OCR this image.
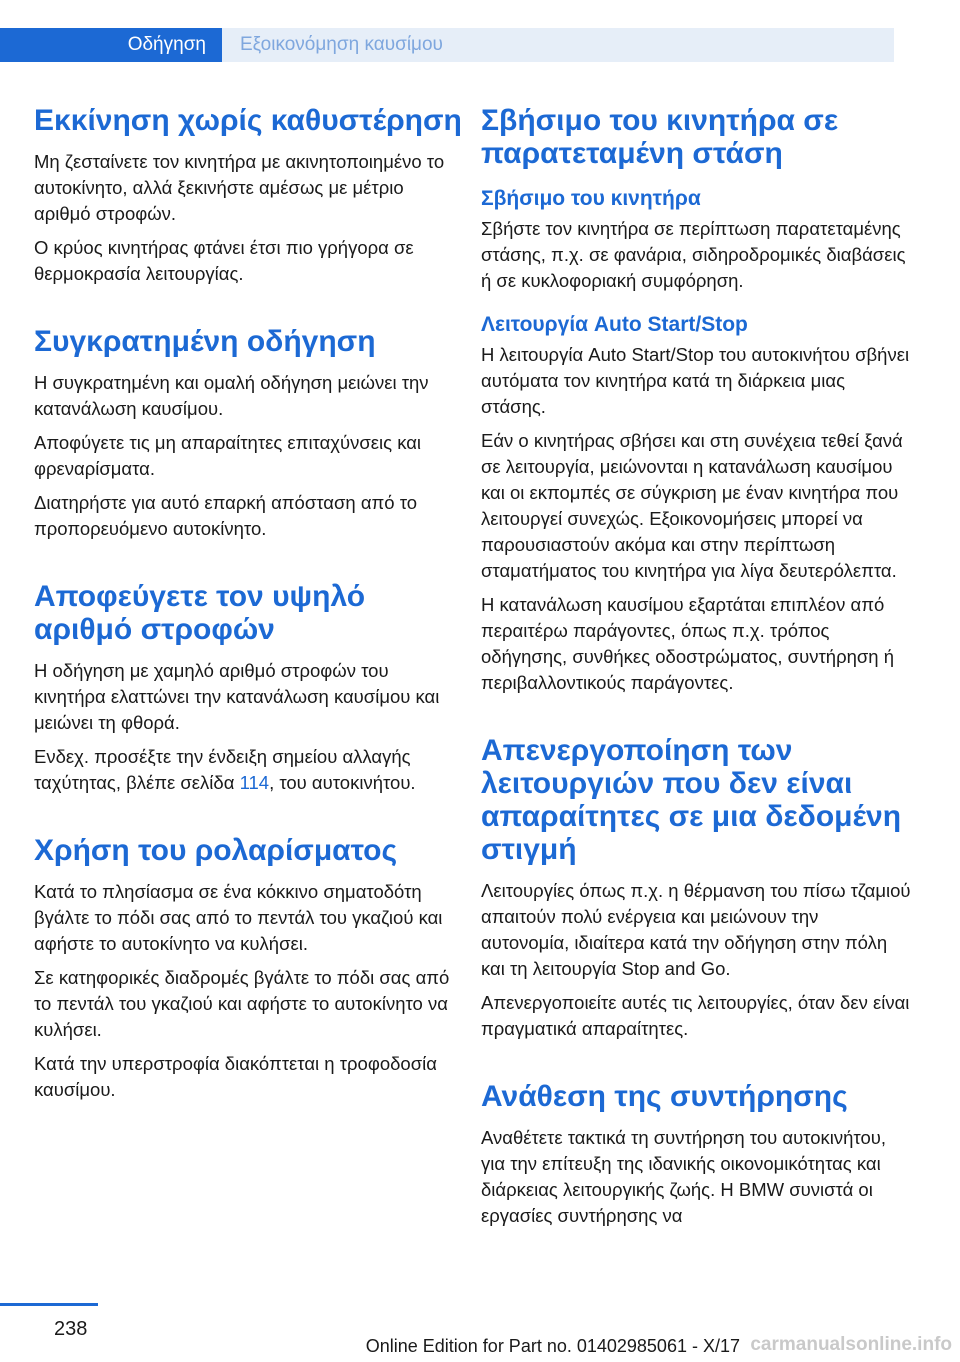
Οδήγηση	Εξοικονόμηση καυσίμου
Εκκίνηση χωρίς καθυστέρηση

Μη ζεσταίνετε τον κινητήρα με ακινητοποιημένο το αυτοκίνητο, αλλά ξεκινήστε αμέσως με μέτριο αριθμό στροφών.

Ο κρύος κινητήρας φτάνει έτσι πιο γρήγορα σε θερμοκρασία λειτουργίας.

Συγκρατημένη οδήγηση

Η συγκρατημένη και ομαλή οδήγηση μειώνει την κατανάλωση καυσίμου.

Αποφύγετε τις μη απαραίτητες επιταχύνσεις και φρεναρίσματα.

Διατηρήστε για αυτό επαρκή απόσταση από το προπορευόμενο αυτοκίνητο.

Αποφεύγετε τον υψηλό αριθμό στροφών

Η οδήγηση με χαμηλό αριθμό στροφών του κινητήρα ελαττώνει την κατανάλωση καυσίμου και μειώνει τη φθορά.

Ενδεχ. προσέξτε την ένδειξη σημείου αλλαγής ταχύτητας, βλέπε σελίδα 114, του αυτοκινήτου.

Χρήση του ρολαρίσματος

Κατά το πλησίασμα σε ένα κόκκινο σηματοδότη βγάλτε το πόδι σας από το πεντάλ του γκαζιού και αφήστε το αυτοκίνητο να κυλήσει.

Σε κατηφορικές διαδρομές βγάλτε το πόδι σας από το πεντάλ του γκαζιού και αφήστε το αυτοκίνητο να κυλήσει.

Κατά την υπερστροφία διακόπτεται η τροφοδοσία καυσίμου.

Σβήσιμο του κινητήρα σε παρατεταμένη στάση
Σβήσιμο του κινητήρα

Σβήστε τον κινητήρα σε περίπτωση παρατεταμένης στάσης, π.χ. σε φανάρια, σιδηροδρομικές διαβάσεις ή σε κυκλοφοριακή συμφόρηση.

Λειτουργία Auto Start/Stop

Η λειτουργία Auto Start/Stop του αυτοκινήτου σβήνει αυτόματα τον κινητήρα κατά τη διάρκεια μιας στάσης.

Εάν ο κινητήρας σβήσει και στη συνέχεια τεθεί ξανά σε λειτουργία, μειώνονται η κατανάλωση καυσίμου και οι εκπομπές σε σύγκριση με έναν κινητήρα που λειτουργεί συνεχώς. Εξοικονομήσεις μπορεί να παρουσιαστούν ακόμα και στην περίπτωση σταματήματος του κινητήρα για λίγα δευτερόλεπτα.

Η κατανάλωση καυσίμου εξαρτάται επιπλέον από περαιτέρω παράγοντες, όπως π.χ. τρόπος οδήγησης, συνθήκες οδοστρώματος, συντήρηση ή περιβαλλοντικούς παράγοντες.

Απενεργοποίηση των λειτουργιών που δεν είναι απαραίτητες σε μια δεδομένη στιγμή

Λειτουργίες όπως π.χ. η θέρμανση του πίσω τζαμιού απαιτούν πολύ ενέργεια και μειώνουν την αυτονομία, ιδιαίτερα κατά την οδήγηση στην πόλη και τη λειτουργία Stop and Go.

Απενεργοποιείτε αυτές τις λειτουργίες, όταν δεν είναι πραγματικά απαραίτητες.

Ανάθεση της συντήρησης

Αναθέτετε τακτικά τη συντήρηση του αυτοκινήτου, για την επίτευξη της ιδανικής οικονομικότητας και διάρκειας λειτουργικής ζωής. Η BMW συνιστά οι εργασίες συντήρησης να

238
Online Edition for Part no. 01402985061 - X/17 carmanualsonline.info
